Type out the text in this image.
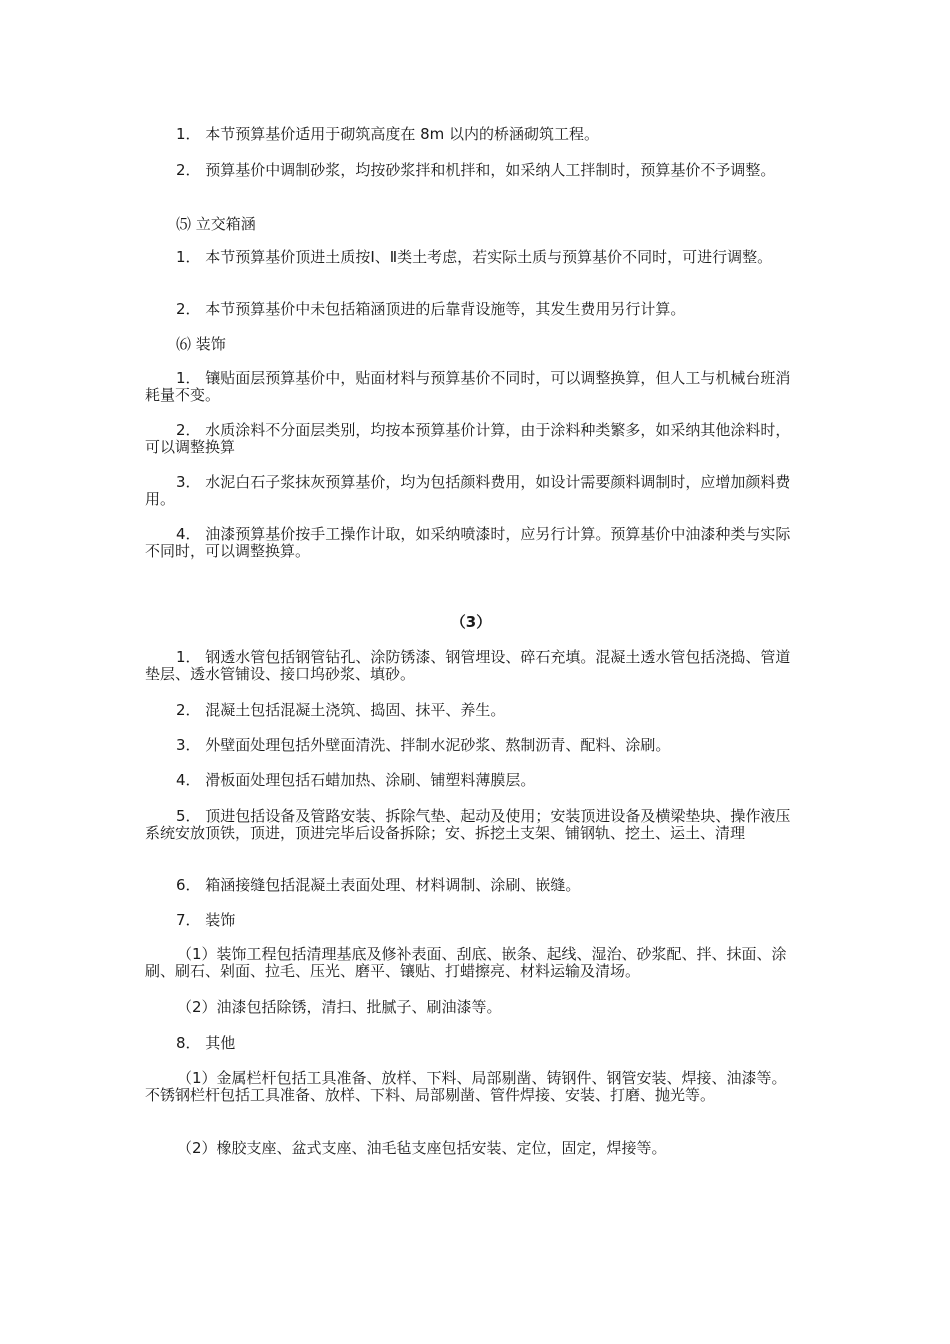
1． 本节预算基价适用于砌筑高度在 8m 以内的桥涵砌筑工程。

2． 预算基价中调制砂浆，均按砂浆拌和机拌和，如采纳人工拌制时，预算基价不予调整。

⑸ 立交箱涵

1． 本节预算基价顶进土质按Ⅰ、Ⅱ类土考虑，若实际土质与预算基价不同时，可进行调整。

2． 本节预算基价中未包括箱涵顶进的后靠背设施等，其发生费用另行计算。

⑹ 装饰

1． 镶贴面层预算基价中，贴面材料与预算基价不同时，可以调整换算，但人工与机械台班消耗量不变。

2． 水质涂料不分面层类别，均按本预算基价计算，由于涂料种类繁多，如采纳其他涂料时，可以调整换算

3． 水泥白石子浆抹灰预算基价，均为包括颜料费用，如设计需要颜料调制时，应增加颜料费用。

4． 油漆预算基价按手工操作计取，如采纳喷漆时，应另行计算。预算基价中油漆种类与实际不同时，可以调整换算。

（3）

1． 钢透水管包括钢管钻孔、涂防锈漆、钢管埋设、碎石充填。混凝土透水管包括浇捣、管道垫层、透水管铺设、接口坞砂浆、填砂。

2． 混凝土包括混凝土浇筑、捣固、抹平、养生。

3． 外壁面处理包括外壁面清洗、拌制水泥砂浆、熬制沥青、配料、涂刷。

4． 滑板面处理包括石蜡加热、涂刷、铺塑料薄膜层。

5． 顶进包括设备及管路安装、拆除气垫、起动及使用；安装顶进设备及横梁垫块、操作液压系统安放顶铁，顶进，顶进完毕后设备拆除；安、拆挖土支架、铺钢轨、挖土、运土、清理

6． 箱涵接缝包括混凝土表面处理、材料调制、涂刷、嵌缝。

7． 装饰

（1）装饰工程包括清理基底及修补表面、刮底、嵌条、起线、湿治、砂浆配、拌、抹面、涂刷、刷石、剁面、拉毛、压光、磨平、镶贴、打蜡擦亮、材料运输及清场。

（2）油漆包括除锈，清扫、批腻子、刷油漆等。

8． 其他

（1）金属栏杆包括工具准备、放样、下料、局部剔凿、铸钢件、钢管安装、焊接、油漆等。不锈钢栏杆包括工具准备、放样、下料、局部剔凿、管件焊接、安装、打磨、抛光等。

（2）橡胶支座、盆式支座、油毛毡支座包括安装、定位，固定，焊接等。
